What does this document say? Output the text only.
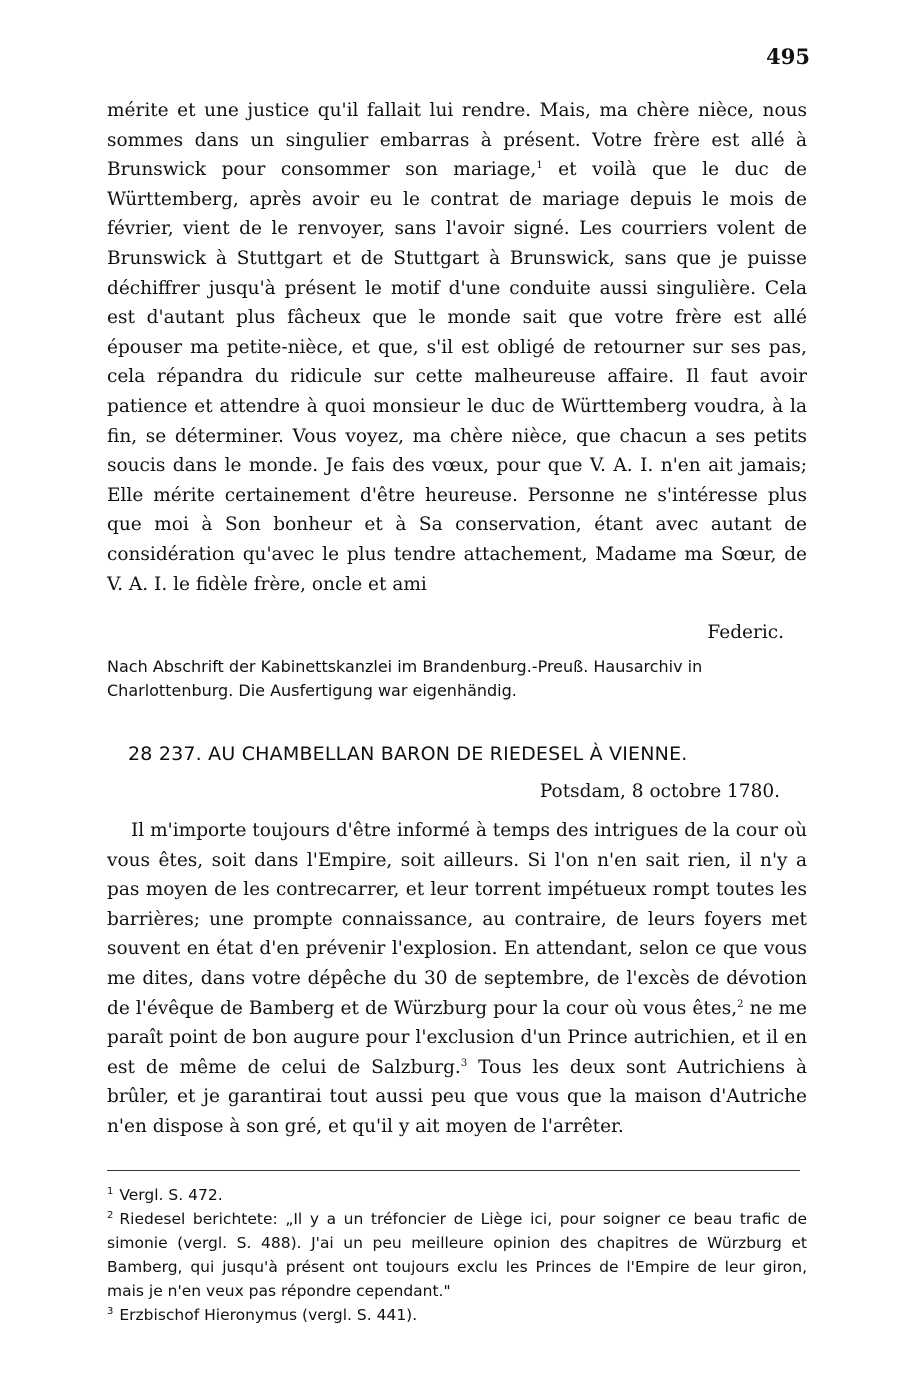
495

mérite et une justice qu'il fallait lui rendre. Mais, ma chère nièce, nous sommes dans un singulier embarras à présent. Votre frère est allé à Brunswick pour consommer son mariage,$^1$ et voilà que le duc de Württemberg, après avoir eu le contrat de mariage depuis le mois de février, vient de le renvoyer, sans l'avoir signé. Les courriers volent de Brunswick à Stuttgart et de Stuttgart à Brunswick, sans que je puisse déchiffrer jusqu'à présent le motif d'une conduite aussi singulière. Cela est d'autant plus fâcheux que le monde sait que votre frère est allé épouser ma petite-nièce, et que, s'il est obligé de retourner sur ses pas, cela répandra du ridicule sur cette malheureuse affaire. Il faut avoir patience et attendre à quoi monsieur le duc de Württemberg voudra, à la fin, se déterminer. Vous voyez, ma chère nièce, que chacun a ses petits soucis dans le monde. Je fais des vœux, pour que V. A. I. n'en ait jamais; Elle mérite certainement d'être heureuse. Personne ne s'intéresse plus que moi à Son bonheur et à Sa conservation, étant avec autant de considération qu'avec le plus tendre attachement, Madame ma Sœur, de V. A. I. le fidèle frère, oncle et ami

Federic.

Nach Abschrift der Kabinettskanzlei im Brandenburg.-Preuß. Hausarchiv in Charlottenburg. Die Ausfertigung war eigenhändig.

28 237. AU CHAMBELLAN BARON DE RIEDESEL À VIENNE.
Potsdam, 8 octobre 1780.

Il m'importe toujours d'être informé à temps des intrigues de la cour où vous êtes, soit dans l'Empire, soit ailleurs. Si l'on n'en sait rien, il n'y a pas moyen de les contrecarrer, et leur torrent impétueux rompt toutes les barrières; une prompte connaissance, au contraire, de leurs foyers met souvent en état d'en prévenir l'explosion. En attendant, selon ce que vous me dites, dans votre dépêche du 30 de septembre, de l'excès de dévotion de l'évêque de Bamberg et de Würzburg pour la cour où vous êtes,$^2$ ne me paraît point de bon augure pour l'exclusion d'un Prince autrichien, et il en est de même de celui de Salzburg.$^3$ Tous les deux sont Autrichiens à brûler, et je garantirai tout aussi peu que vous que la maison d'Autriche n'en dispose à son gré, et qu'il y ait moyen de l'arrêter.

$^1$ Vergl. S. 472.

$^2$ Riedesel berichtete: „Il y a un tréfoncier de Liège ici, pour soigner ce beau trafic de simonie (vergl. S. 488). J'ai un peu meilleure opinion des chapitres de Würzburg et Bamberg, qui jusqu'à présent ont toujours exclu les Princes de l'Empire de leur giron, mais je n'en veux pas répondre cependant."

$^3$ Erzbischof Hieronymus (vergl. S. 441).
